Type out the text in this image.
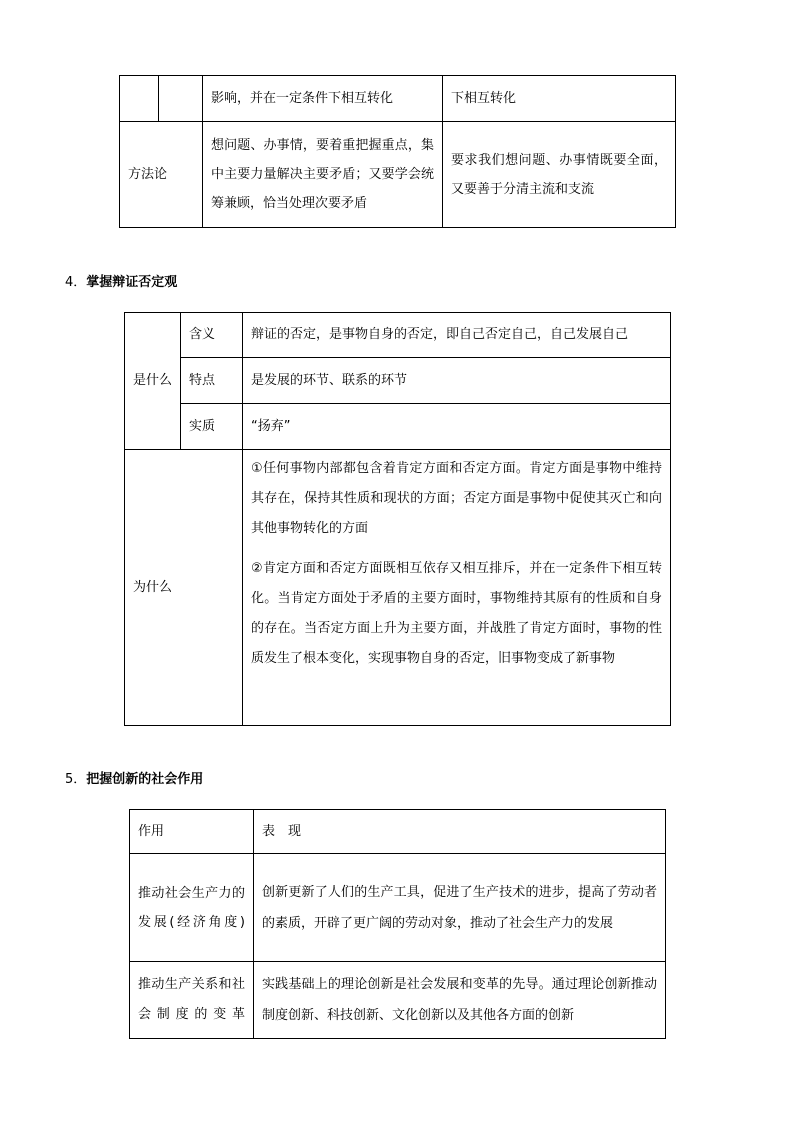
		影响，并在一定条件下相互转化	下相互转化
方法论		想问题、办事情，要着重把握重点，集中主要力量解决主要矛盾；又要学会统筹兼顾，恰当处理次要矛盾	要求我们想问题、办事情既要全面，又要善于分清主流和支流
4．掌握辩证否定观
是什么	含义	辩证的否定，是事物自身的否定，即自己否定自己，自己发展自己
	特点	是发展的环节、联系的环节
	实质	“扬弃”
为什么		①任何事物内部都包含着肯定方面和否定方面。肯定方面是事物中维持其存在，保持其性质和现状的方面；否定方面是事物中促使其灭亡和向其他事物转化的方面
②肯定方面和否定方面既相互依存又相互排斥，并在一定条件下相互转化。当肯定方面处于矛盾的主要方面时，事物维持其原有的性质和自身的存在。当否定方面上升为主要方面，并战胜了肯定方面时，事物的性质发生了根本变化，实现事物自身的否定，旧事物变成了新事物
5．把握创新的社会作用
作用	表　现
推动社会生产力的发展(经济角度)	创新更新了人们的生产工具，促进了生产技术的进步，提高了劳动者的素质，开辟了更广阔的劳动对象，推动了社会生产力的发展
推动生产关系和社会制度的变革	实践基础上的理论创新是社会发展和变革的先导。通过理论创新推动制度创新、科技创新、文化创新以及其他各方面的创新
